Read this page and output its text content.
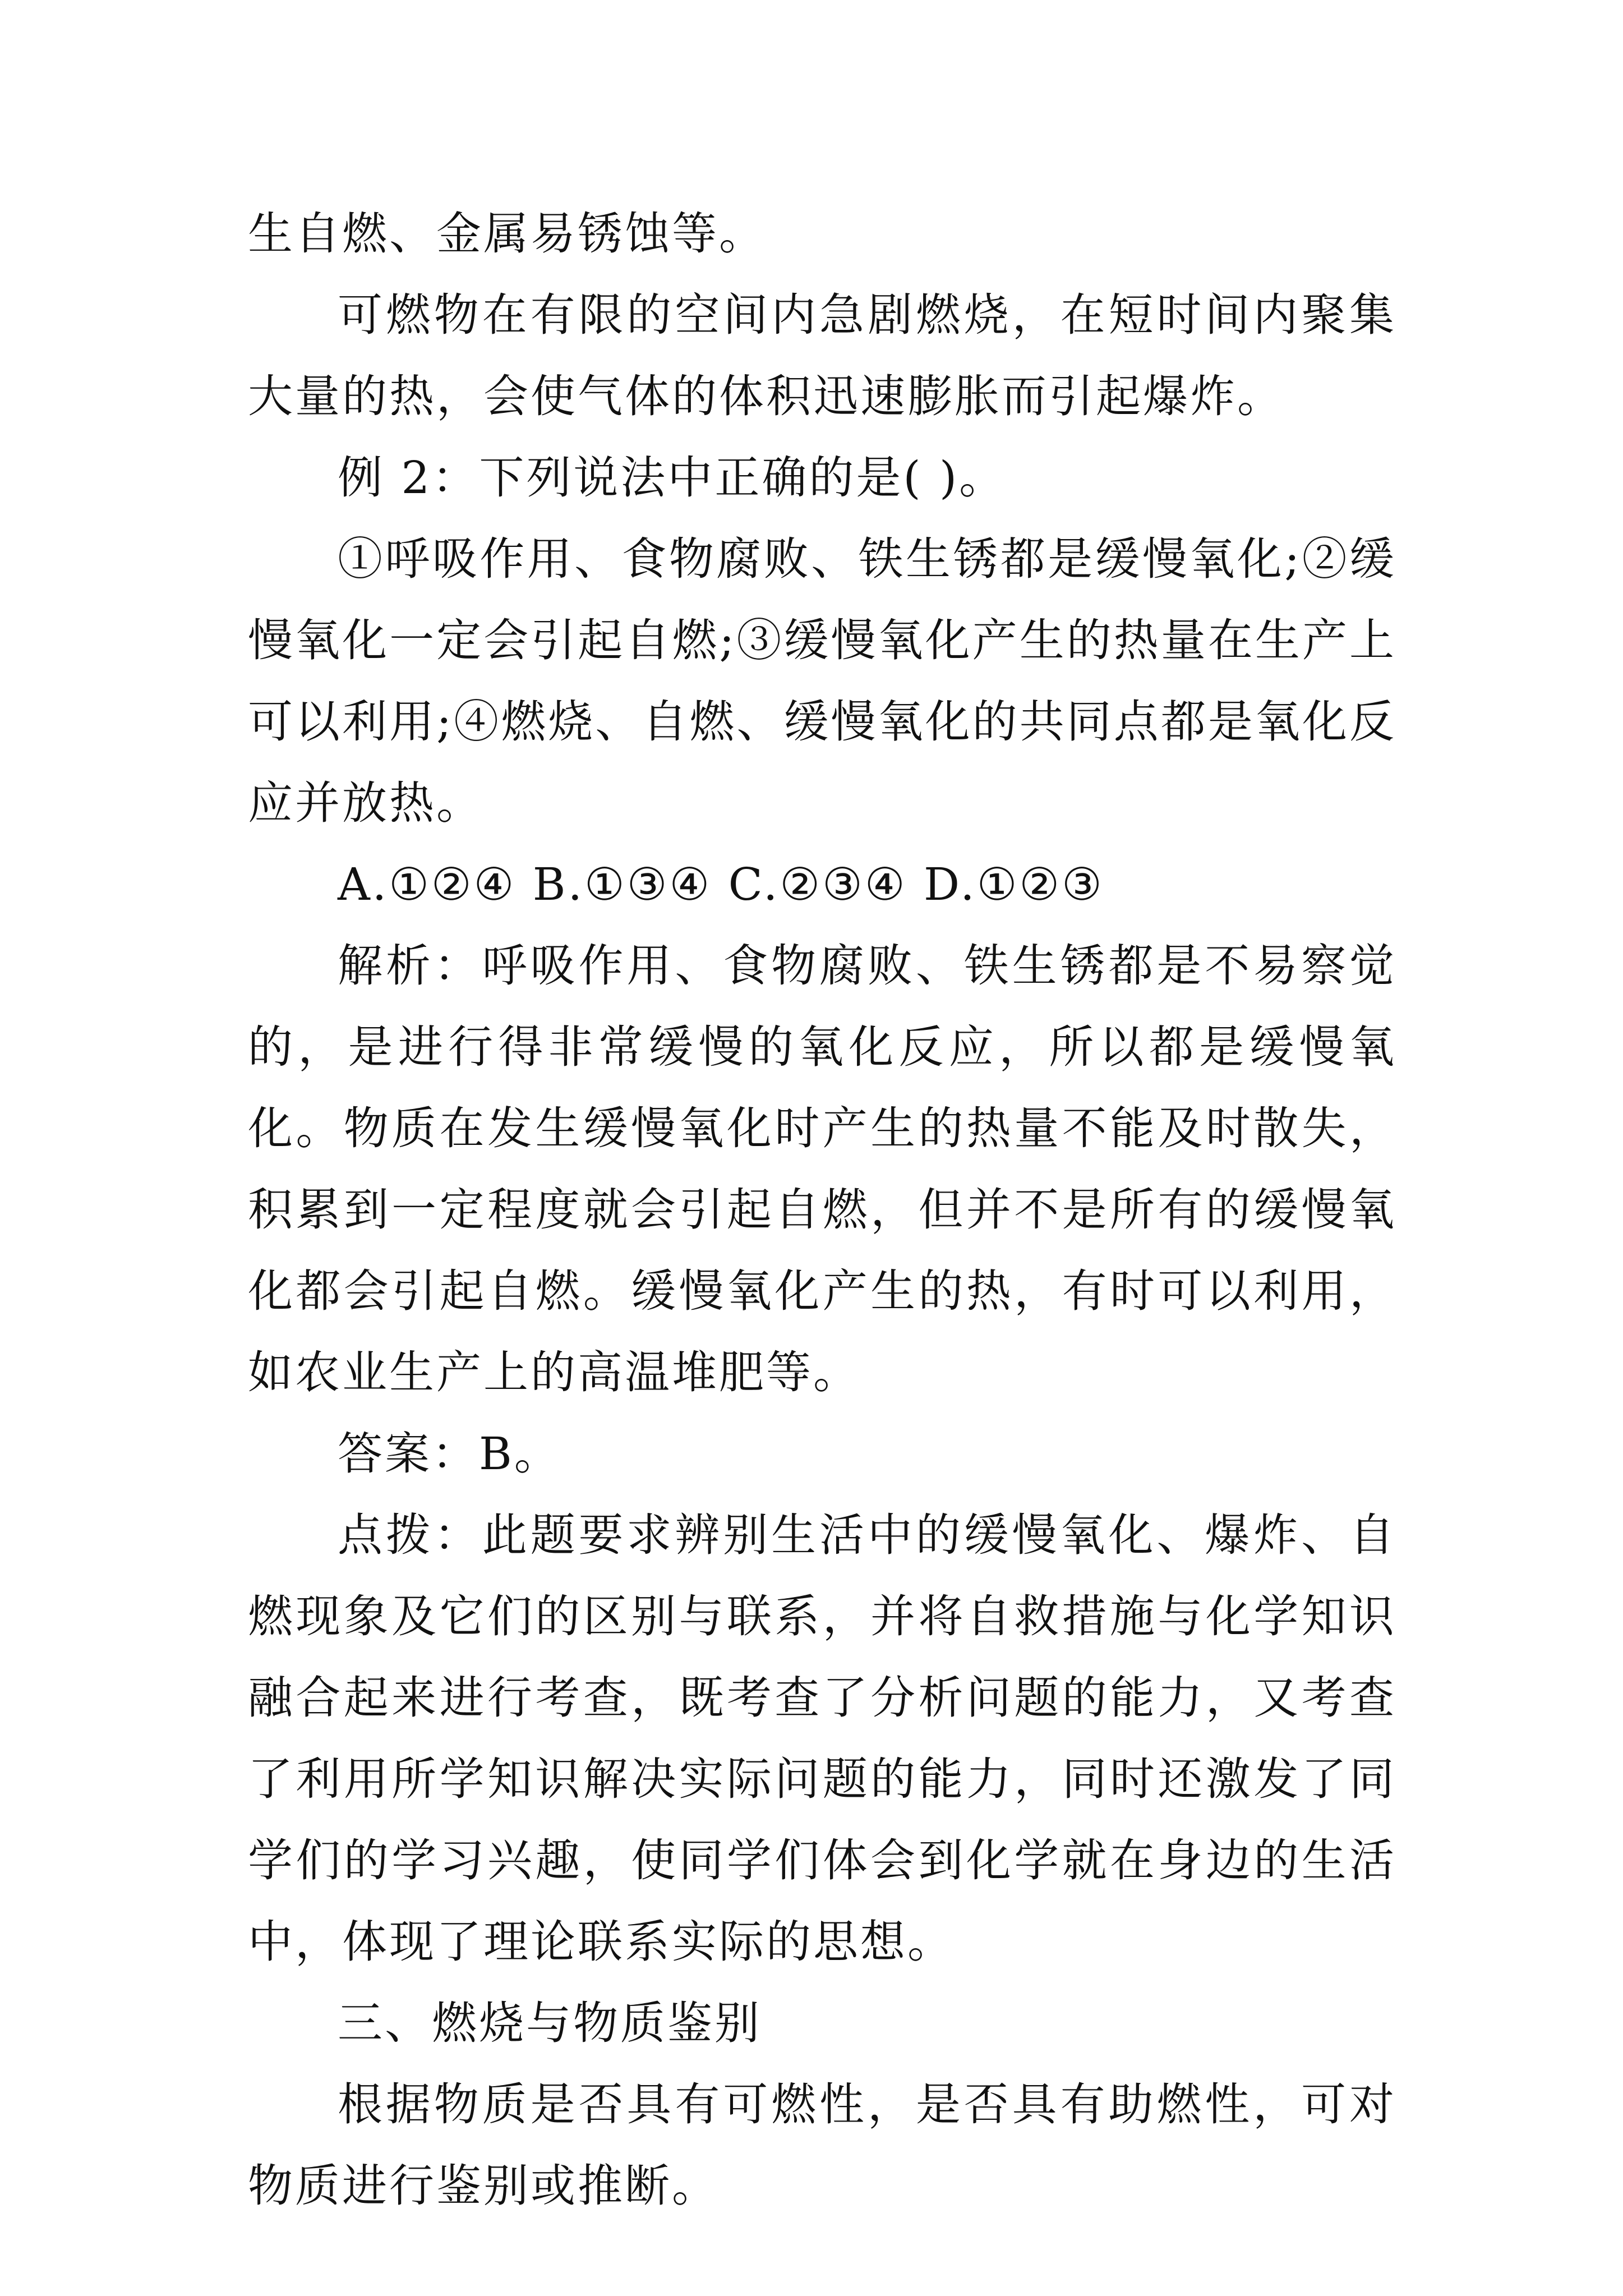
生自燃、金属易锈蚀等。

可燃物在有限的空间内急剧燃烧，在短时间内聚集大量的热，会使气体的体积迅速膨胀而引起爆炸。

例 2：下列说法中正确的是( )。

①呼吸作用、食物腐败、铁生锈都是缓慢氧化;②缓慢氧化一定会引起自燃;③缓慢氧化产生的热量在生产上可以利用;④燃烧、自燃、缓慢氧化的共同点都是氧化反应并放热。

A.①②④ B.①③④ C.②③④ D.①②③

解析：呼吸作用、食物腐败、铁生锈都是不易察觉的，是进行得非常缓慢的氧化反应，所以都是缓慢氧化。物质在发生缓慢氧化时产生的热量不能及时散失，积累到一定程度就会引起自燃，但并不是所有的缓慢氧化都会引起自燃。缓慢氧化产生的热，有时可以利用，如农业生产上的高温堆肥等。

答案：B。

点拨：此题要求辨别生活中的缓慢氧化、爆炸、自燃现象及它们的区别与联系，并将自救措施与化学知识融合起来进行考查，既考查了分析问题的能力，又考查了利用所学知识解决实际问题的能力，同时还激发了同学们的学习兴趣，使同学们体会到化学就在身边的生活中，体现了理论联系实际的思想。

三、燃烧与物质鉴别

根据物质是否具有可燃性，是否具有助燃性，可对物质进行鉴别或推断。
